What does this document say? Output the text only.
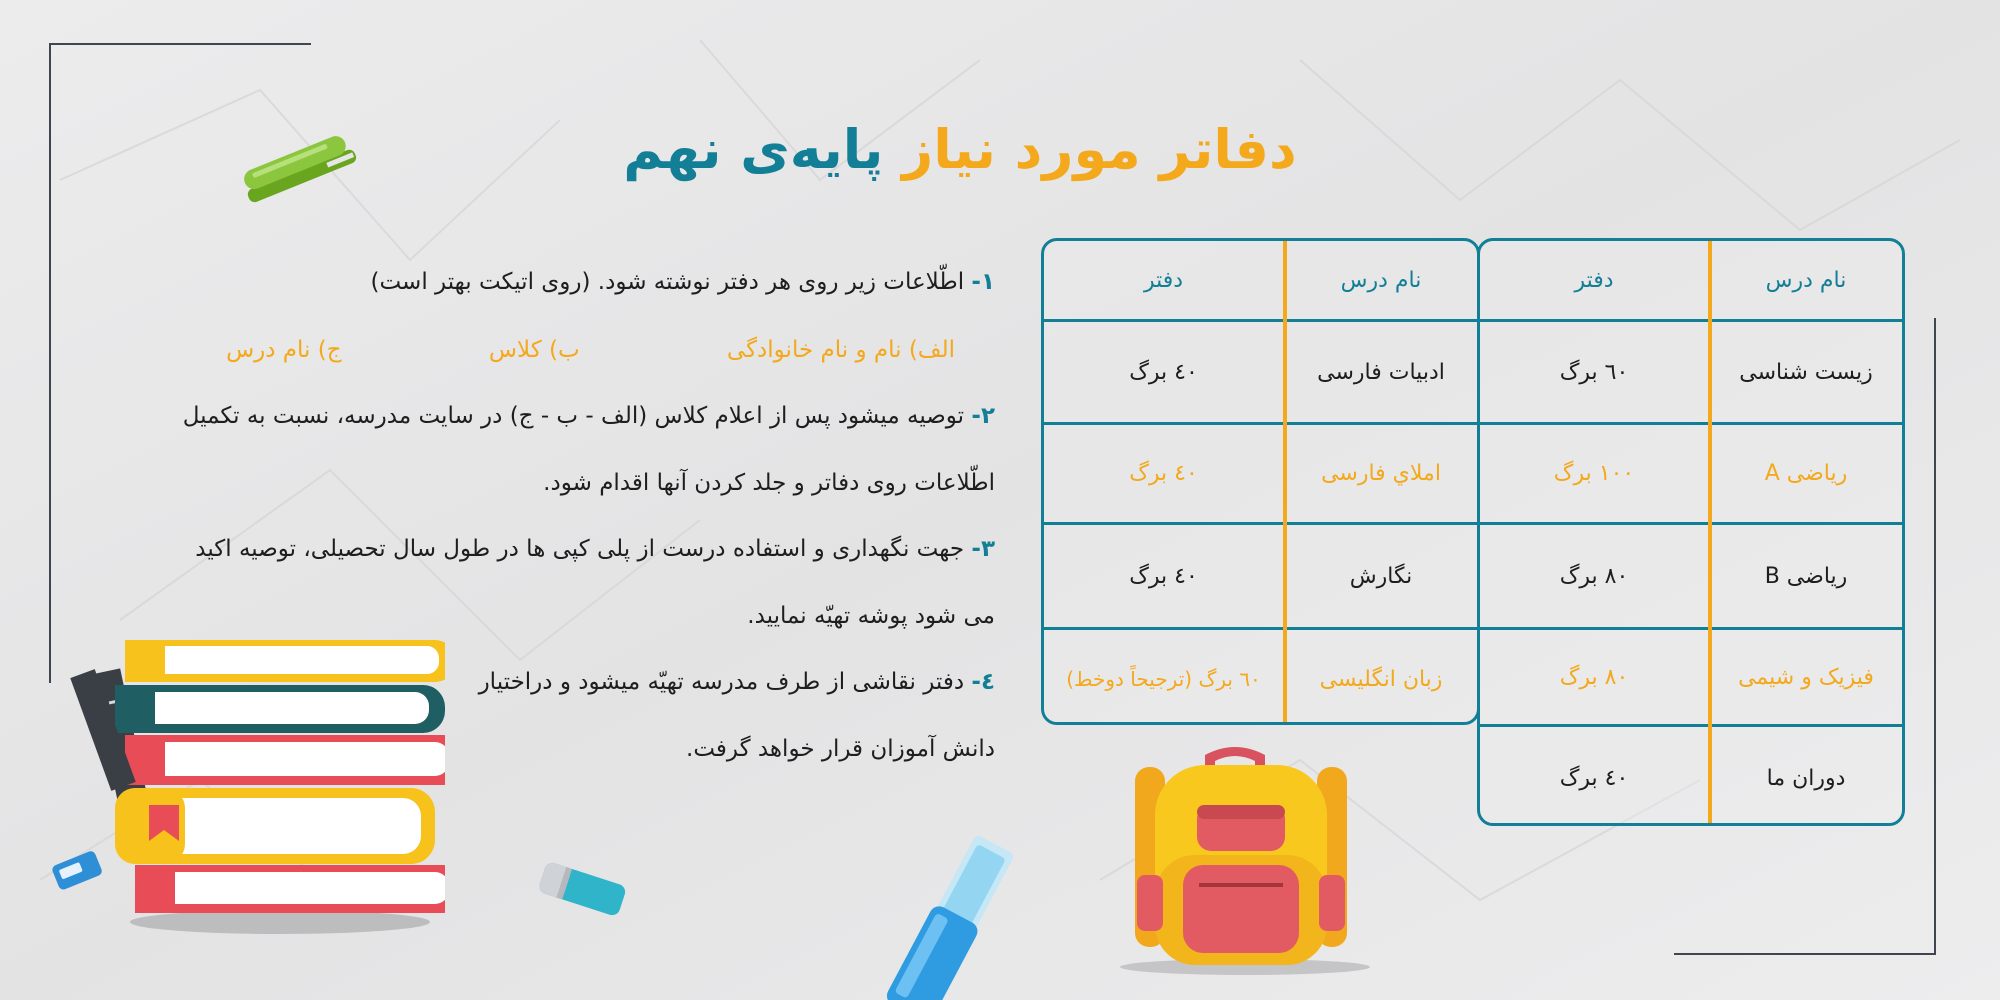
دفاتر مورد نیاز پایه‌ی نهم
۱- اطّلاعات زیر روی هر دفتر نوشته شود. (روی اتیکت بهتر است)
الف) نام و نام خانوادگی ب) کلاس ج) نام درس
۲- توصیه میشود پس از اعلام کلاس (الف - ب - ج) در سایت مدرسه، نسبت به تکمیل
اطّلاعات روی دفاتر و جلد کردن آنها اقدام شود.
۳- جهت نگهداری و استفاده درست از پلی کپی ها در طول سال تحصیلی، توصیه اکید
می شود پوشه تهیّه نمایید.
٤- دفتر نقاشی از طرف مدرسه تهیّه میشود و دراختیار
دانش آموزان قرار خواهد گرفت.
نام درس
دفتر
زیست شناسی
٦٠ برگ
ریاضی A
۱۰۰ برگ
ریاضی B
۸۰ برگ
فیزیک و شیمی
۸۰ برگ
دوران ما
٤۰ برگ
نام درس
دفتر
ادبیات فارسی
٤۰ برگ
املاي فارسی
٤۰ برگ
نگارش
٤۰ برگ
زبان انگلیسی
٦٠ برگ (ترجیحاً دوخط)
